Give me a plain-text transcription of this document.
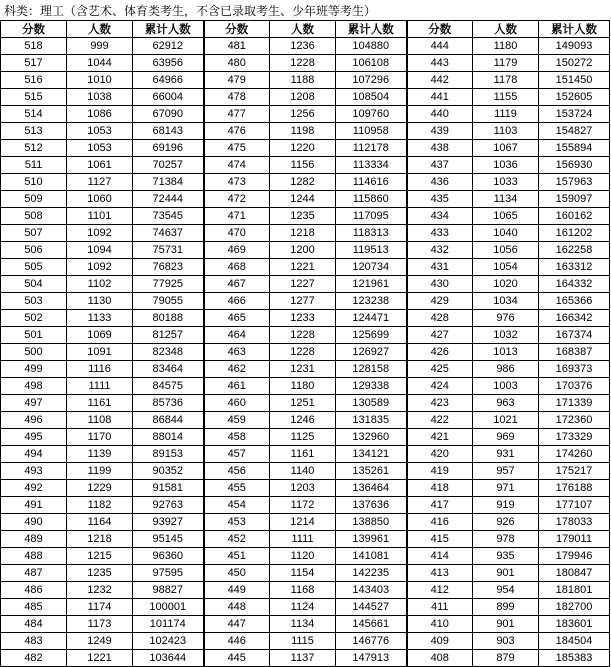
科类：理工（含艺术、体育类考生，不含已录取考生、少年班等考生）
分数	人数	累计人数	分数	人数	累计人数	分数	人数	累计人数
518	999	62912	481	1236	104880	444	1180	149093
517	1044	63956	480	1228	106108	443	1179	150272
516	1010	64966	479	1188	107296	442	1178	151450
515	1038	66004	478	1208	108504	441	1155	152605
514	1086	67090	477	1256	109760	440	1119	153724
513	1053	68143	476	1198	110958	439	1103	154827
512	1053	69196	475	1220	112178	438	1067	155894
511	1061	70257	474	1156	113334	437	1036	156930
510	1127	71384	473	1282	114616	436	1033	157963
509	1060	72444	472	1244	115860	435	1134	159097
508	1101	73545	471	1235	117095	434	1065	160162
507	1092	74637	470	1218	118313	433	1040	161202
506	1094	75731	469	1200	119513	432	1056	162258
505	1092	76823	468	1221	120734	431	1054	163312
504	1102	77925	467	1227	121961	430	1020	164332
503	1130	79055	466	1277	123238	429	1034	165366
502	1133	80188	465	1233	124471	428	976	166342
501	1069	81257	464	1228	125699	427	1032	167374
500	1091	82348	463	1228	126927	426	1013	168387
499	1116	83464	462	1231	128158	425	986	169373
498	1111	84575	461	1180	129338	424	1003	170376
497	1161	85736	460	1251	130589	423	963	171339
496	1108	86844	459	1246	131835	422	1021	172360
495	1170	88014	458	1125	132960	421	969	173329
494	1139	89153	457	1161	134121	420	931	174260
493	1199	90352	456	1140	135261	419	957	175217
492	1229	91581	455	1203	136464	418	971	176188
491	1182	92763	454	1172	137636	417	919	177107
490	1164	93927	453	1214	138850	416	926	178033
489	1218	95145	452	1111	139961	415	978	179011
488	1215	96360	451	1120	141081	414	935	179946
487	1235	97595	450	1154	142235	413	901	180847
486	1232	98827	449	1168	143403	412	954	181801
485	1174	100001	448	1124	144527	411	899	182700
484	1173	101174	447	1134	145661	410	901	183601
483	1249	102423	446	1115	146776	409	903	184504
482	1221	103644	445	1137	147913	408	879	185383
